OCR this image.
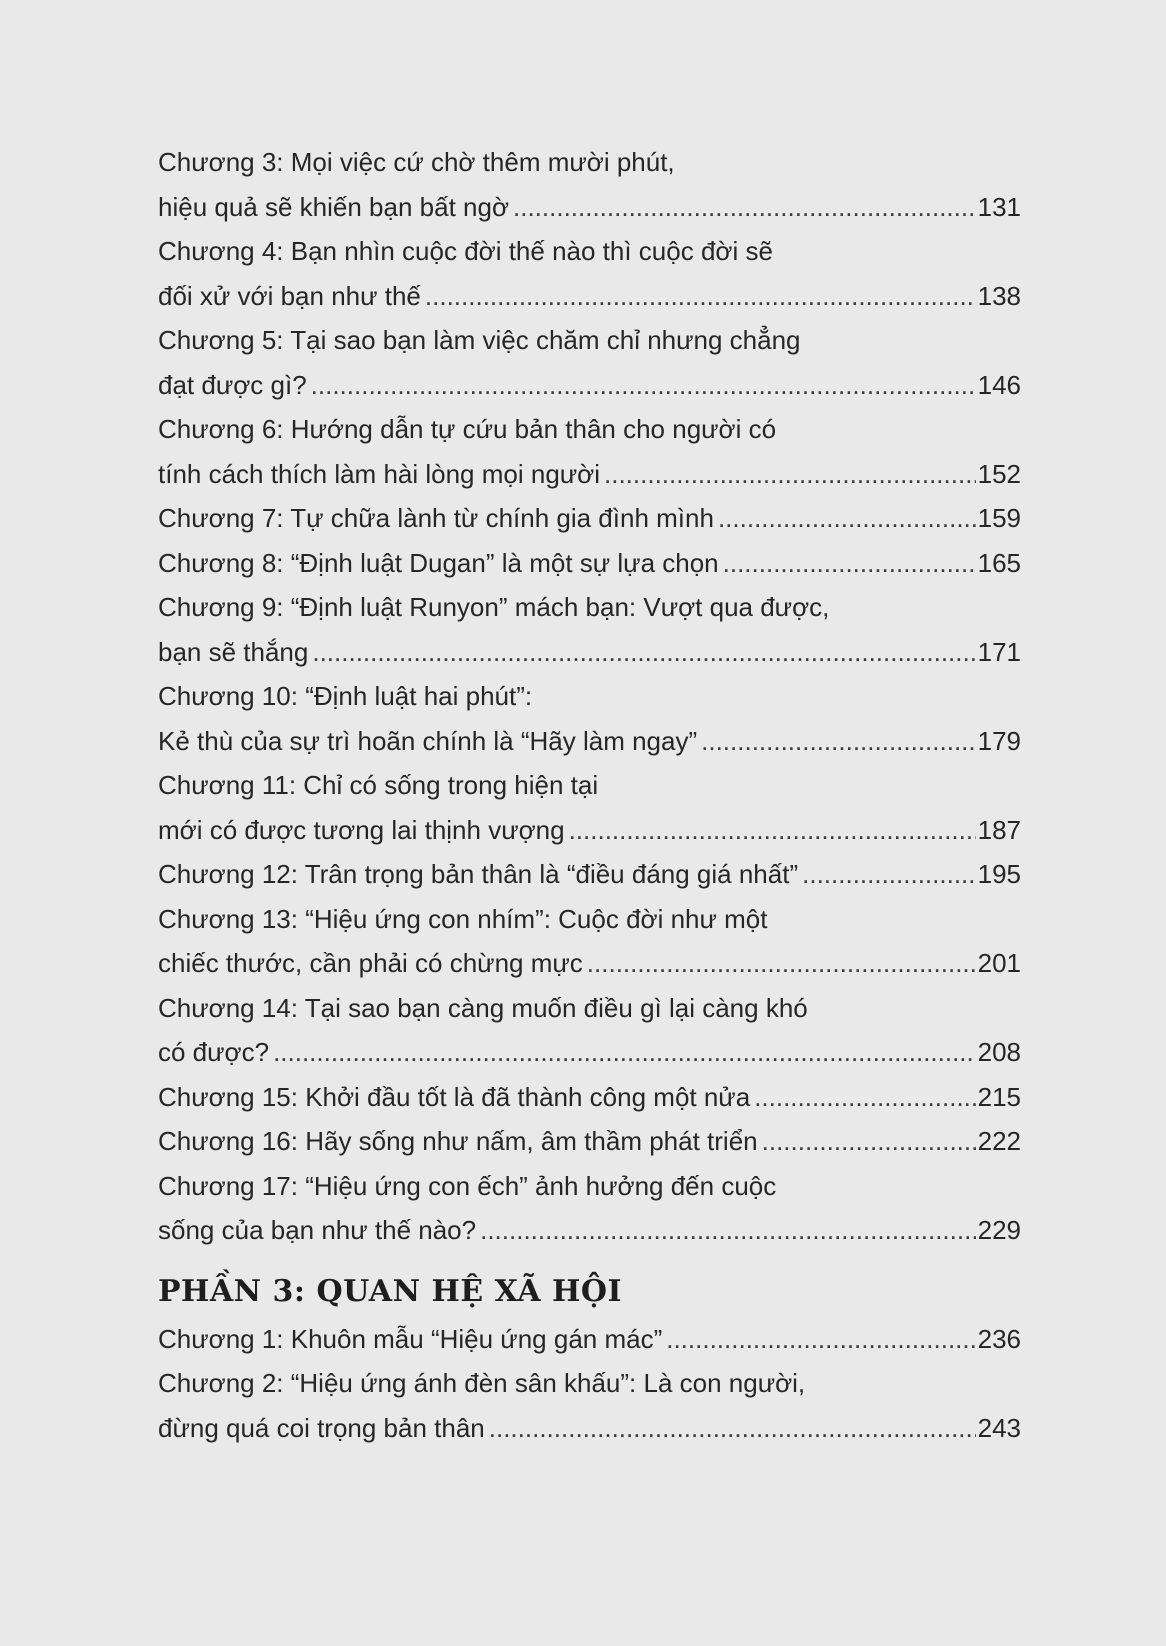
Chương 3: Mọi việc cứ chờ thêm mười phút,
hiệu quả sẽ khiến bạn bất ngờ .....	131
Chương 4: Bạn nhìn cuộc đời thế nào thì cuộc đời sẽ
đối xử với bạn như thế .....	138
Chương 5: Tại sao bạn làm việc chăm chỉ nhưng chẳng
đạt được gì? .....	146
Chương 6: Hướng dẫn tự cứu bản thân cho người có
tính cách thích làm hài lòng mọi người .....	152
Chương 7: Tự chữa lành từ chính gia đình mình .....	159
Chương 8: “Định luật Dugan” là một sự lựa chọn .....	165
Chương 9: “Định luật Runyon” mách bạn: Vượt qua được,
bạn sẽ thắng .....	171
Chương 10: “Định luật hai phút”:
Kẻ thù của sự trì hoãn chính là “Hãy làm ngay” .....	179
Chương 11: Chỉ có sống trong hiện tại
mới có được tương lai thịnh vượng .....	187
Chương 12: Trân trọng bản thân là “điều đáng giá nhất” .....	195
Chương 13: “Hiệu ứng con nhím”: Cuộc đời như một
chiếc thước, cần phải có chừng mực .....	201
Chương 14: Tại sao bạn càng muốn điều gì lại càng khó
có được? .....	208
Chương 15: Khởi đầu tốt là đã thành công một nửa .....	215
Chương 16: Hãy sống như nấm, âm thầm phát triển .....	222
Chương 17: “Hiệu ứng con ếch” ảnh hưởng đến cuộc
sống của bạn như thế nào? .....	229
PHẦN 3: QUAN HỆ XÃ HỘI
Chương 1: Khuôn mẫu “Hiệu ứng gán mác” .....	236
Chương 2: “Hiệu ứng ánh đèn sân khấu”: Là con người,
đừng quá coi trọng bản thân .....	243
